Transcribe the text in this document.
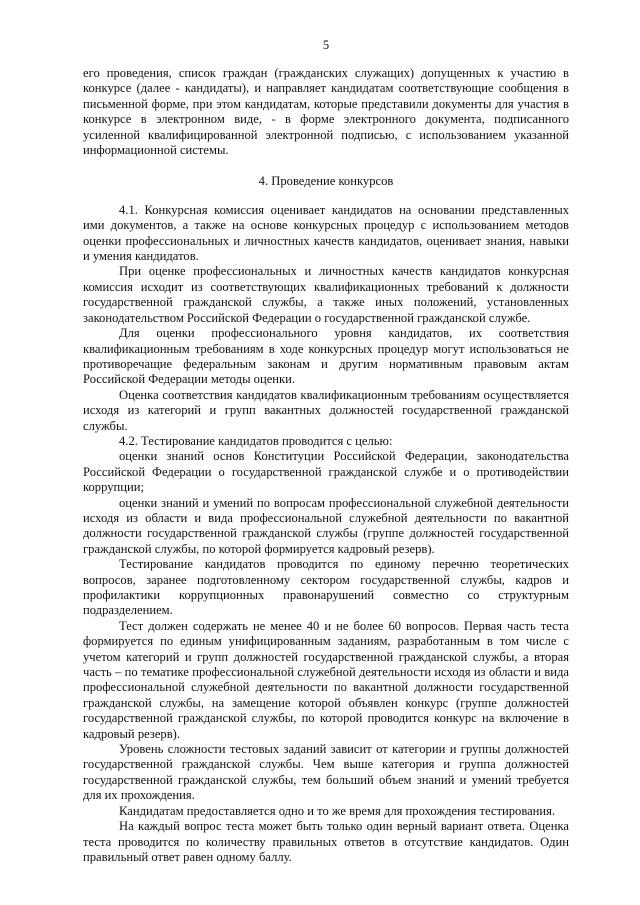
5

его проведения, список граждан (гражданских служащих) допущенных к участию в конкурсе (далее - кандидаты), и направляет кандидатам соответствующие сообщения в письменной форме, при этом кандидатам, которые представили документы для участия в конкурсе в электронном виде, - в форме электронного документа, подписанного усиленной квалифицированной электронной подписью, с использованием указанной информационной системы.

4. Проведение конкурсов

4.1. Конкурсная комиссия оценивает кандидатов на основании представленных ими документов, а также на основе конкурсных процедур с использованием методов оценки профессиональных и личностных качеств кандидатов, оценивает знания, навыки и умения кандидатов.

При оценке профессиональных и личностных качеств кандидатов конкурсная комиссия исходит из соответствующих квалификационных требований к должности государственной гражданской службы, а также иных положений, установленных законодательством Российской Федерации о государственной гражданской службе.

Для оценки профессионального уровня кандидатов, их соответствия квалификационным требованиям в ходе конкурсных процедур могут использоваться не противоречащие федеральным законам и другим нормативным правовым актам Российской Федерации методы оценки.

Оценка соответствия кандидатов квалификационным требованиям осуществляется исходя из категорий и групп вакантных должностей государственной гражданской службы.

4.2. Тестирование кандидатов проводится с целью:

оценки знаний основ Конституции Российской Федерации, законодательства Российской Федерации о государственной гражданской службе и о противодействии коррупции;

оценки знаний и умений по вопросам профессиональной служебной деятельности исходя из области и вида профессиональной служебной деятельности по вакантной должности государственной гражданской службы (группе должностей государственной гражданской службы, по которой формируется кадровый резерв).

Тестирование кандидатов проводится по единому перечню теоретических вопросов, заранее подготовленному сектором государственной службы, кадров и профилактики коррупционных правонарушений совместно со структурным подразделением.

Тест должен содержать не менее 40 и не более 60 вопросов. Первая часть теста формируется по единым унифицированным заданиям, разработанным в том числе с учетом категорий и групп должностей государственной гражданской службы, а вторая часть – по тематике профессиональной служебной деятельности исходя из области и вида профессиональной служебной деятельности по вакантной должности государственной гражданской службы, на замещение которой объявлен конкурс (группе должностей государственной гражданской службы, по которой проводится конкурс на включение в кадровый резерв).

Уровень сложности тестовых заданий зависит от категории и группы должностей государственной гражданской службы. Чем выше категория и группа должностей государственной гражданской службы, тем больший объем знаний и умений требуется для их прохождения.

Кандидатам предоставляется одно и то же время для прохождения тестирования.

На каждый вопрос теста может быть только один верный вариант ответа. Оценка теста проводится по количеству правильных ответов в отсутствие кандидатов. Один правильный ответ равен одному баллу.
